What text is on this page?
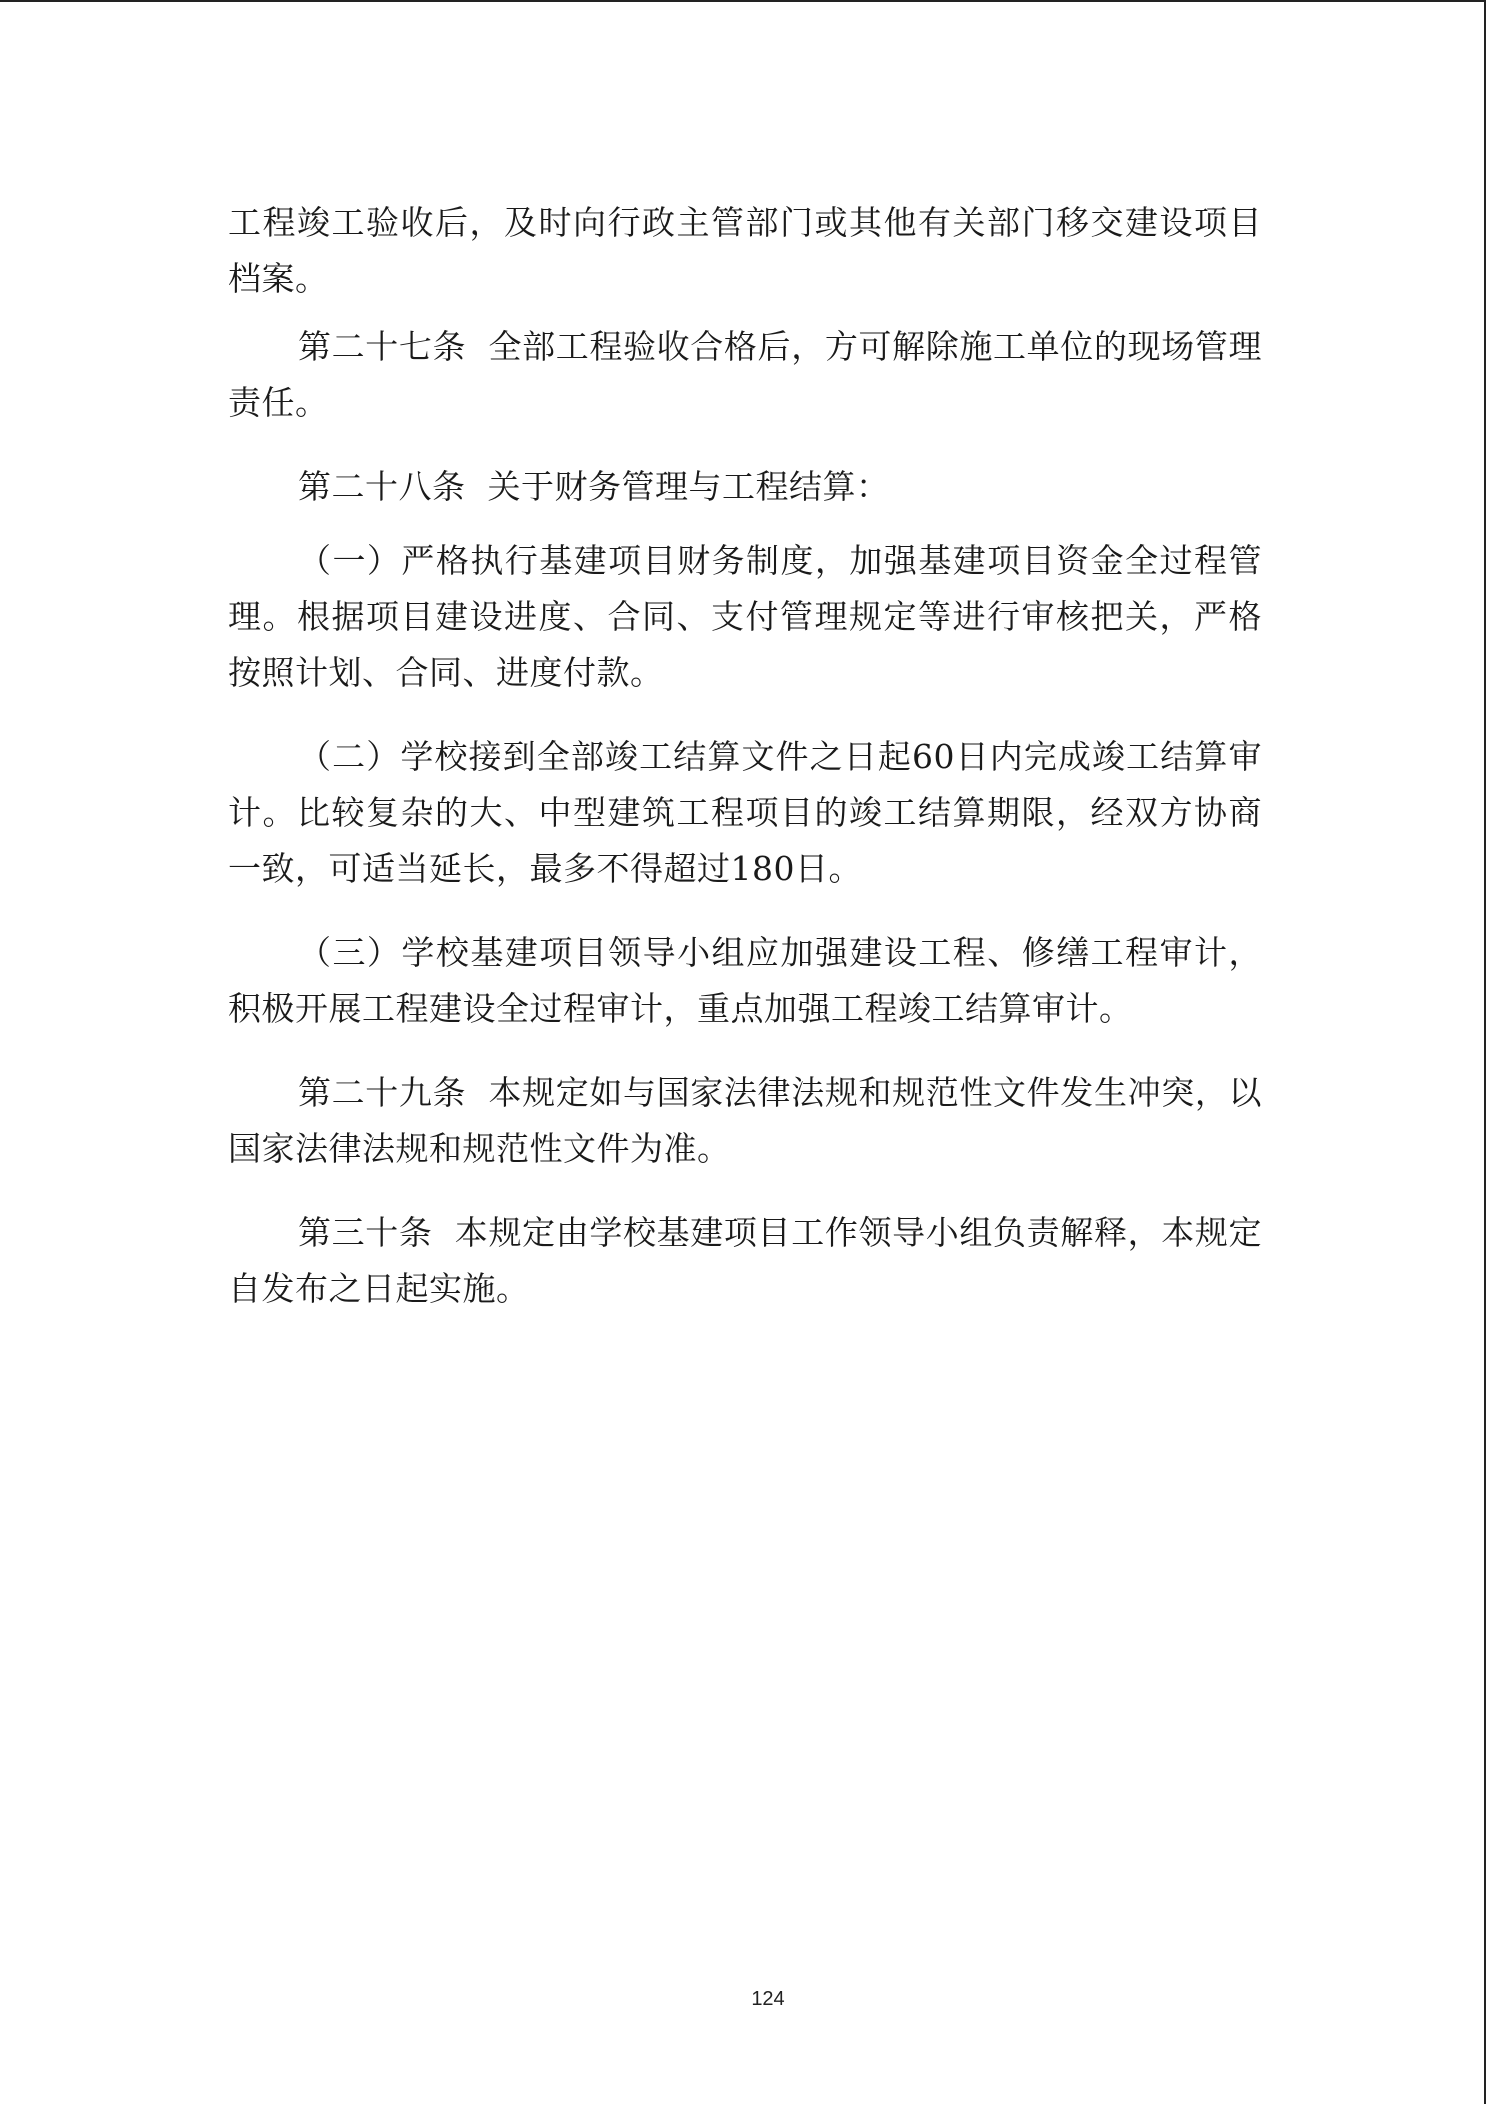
工程竣工验收后，及时向行政主管部门或其他有关部门移交建设项目档案。

第二十七条  全部工程验收合格后，方可解除施工单位的现场管理责任。

第二十八条  关于财务管理与工程结算：

（一）严格执行基建项目财务制度，加强基建项目资金全过程管理。根据项目建设进度、合同、支付管理规定等进行审核把关，严格按照计划、合同、进度付款。

（二）学校接到全部竣工结算文件之日起60日内完成竣工结算审计。比较复杂的大、中型建筑工程项目的竣工结算期限，经双方协商一致，可适当延长，最多不得超过180日。

（三）学校基建项目领导小组应加强建设工程、修缮工程审计，积极开展工程建设全过程审计，重点加强工程竣工结算审计。

第二十九条  本规定如与国家法律法规和规范性文件发生冲突，以国家法律法规和规范性文件为准。

第三十条  本规定由学校基建项目工作领导小组负责解释，本规定自发布之日起实施。

124
